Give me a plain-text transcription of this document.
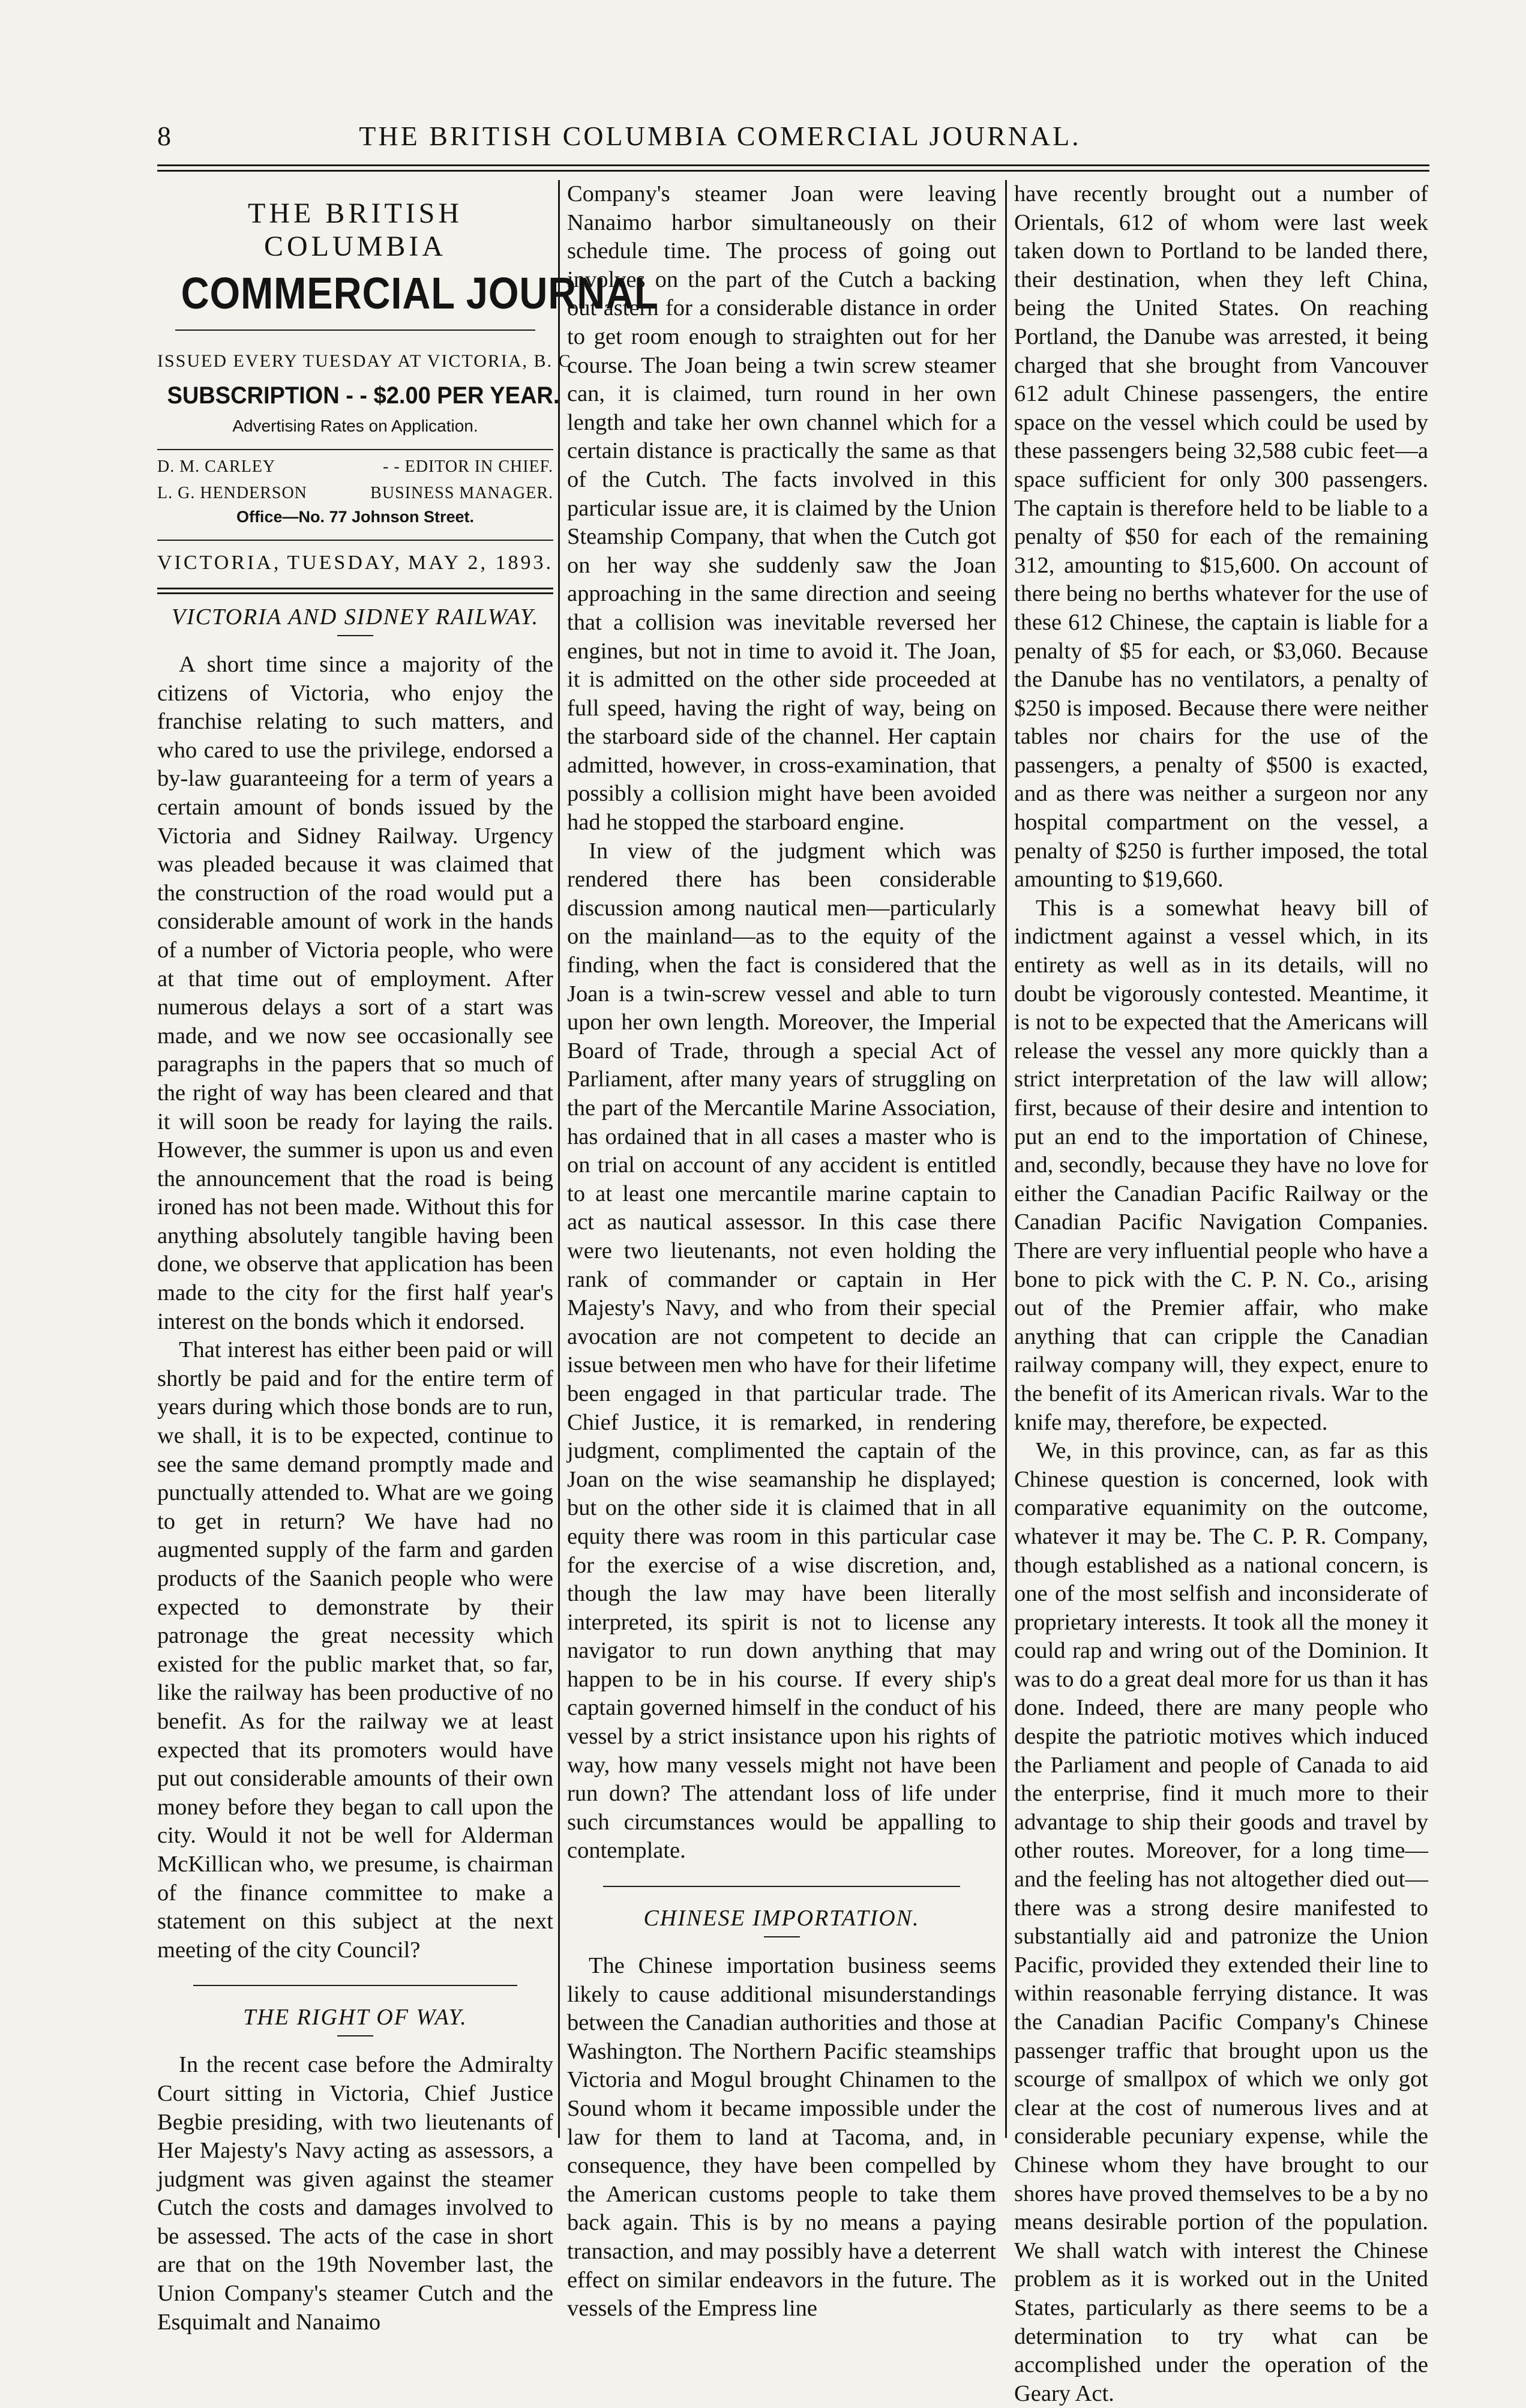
8	THE BRITISH COLUMBIA COMERCIAL JOURNAL.
THE BRITISH COLUMBIA
COMMERCIAL JOURNAL
ISSUED EVERY TUESDAY AT VICTORIA, B. C
SUBSCRIPTION - - $2.00 PER YEAR.
Advertising Rates on Application.
D. M. CARLEY	- - EDITOR IN CHIEF.
L. G. HENDERSON	BUSINESS MANAGER.
Office—No. 77 Johnson Street.
VICTORIA, TUESDAY, MAY 2, 1893.
VICTORIA AND SIDNEY RAILWAY.

A short time since a majority of the citizens of Victoria, who enjoy the franchise relating to such matters, and who cared to use the privilege, endorsed a by-law guaranteeing for a term of years a certain amount of bonds issued by the Victoria and Sidney Railway. Urgency was pleaded because it was claimed that the construction of the road would put a considerable amount of work in the hands of a number of Victoria people, who were at that time out of employment. After numerous delays a sort of a start was made, and we now see occasionally see paragraphs in the papers that so much of the right of way has been cleared and that it will soon be ready for laying the rails. However, the summer is upon us and even the announcement that the road is being ironed has not been made. Without this for anything absolutely tangible having been done, we observe that application has been made to the city for the first half year's interest on the bonds which it endorsed.

That interest has either been paid or will shortly be paid and for the entire term of years during which those bonds are to run, we shall, it is to be expected, continue to see the same demand promptly made and punctually attended to. What are we going to get in return? We have had no augmented supply of the farm and garden products of the Saanich people who were expected to demonstrate by their patronage the great necessity which existed for the public market that, so far, like the railway has been productive of no benefit. As for the railway we at least expected that its promoters would have put out considerable amounts of their own money before they began to call upon the city. Would it not be well for Alderman McKillican who, we presume, is chairman of the finance committee to make a statement on this subject at the next meeting of the city Council?

THE RIGHT OF WAY.

In the recent case before the Admiralty Court sitting in Victoria, Chief Justice Begbie presiding, with two lieutenants of Her Majesty's Navy acting as assessors, a judgment was given against the steamer Cutch the costs and damages involved to be assessed. The acts of the case in short are that on the 19th November last, the Union Company's steamer Cutch and the Esquimalt and Nanaimo

Company's steamer Joan were leaving Nanaimo harbor simultaneously on their schedule time. The process of going out involves on the part of the Cutch a backing out astern for a considerable distance in order to get room enough to straighten out for her course. The Joan being a twin screw steamer can, it is claimed, turn round in her own length and take her own channel which for a certain distance is practically the same as that of the Cutch. The facts involved in this particular issue are, it is claimed by the Union Steamship Company, that when the Cutch got on her way she suddenly saw the Joan approaching in the same direction and seeing that a collision was inevitable reversed her engines, but not in time to avoid it. The Joan, it is admitted on the other side proceeded at full speed, having the right of way, being on the starboard side of the channel. Her captain admitted, however, in cross-examination, that possibly a collision might have been avoided had he stopped the starboard engine.

In view of the judgment which was rendered there has been considerable discussion among nautical men—particularly on the mainland—as to the equity of the finding, when the fact is considered that the Joan is a twin-screw vessel and able to turn upon her own length. Moreover, the Imperial Board of Trade, through a special Act of Parliament, after many years of struggling on the part of the Mercantile Marine Association, has ordained that in all cases a master who is on trial on account of any accident is entitled to at least one mercantile marine captain to act as nautical assessor. In this case there were two lieutenants, not even holding the rank of commander or captain in Her Majesty's Navy, and who from their special avocation are not competent to decide an issue between men who have for their lifetime been engaged in that particular trade. The Chief Justice, it is remarked, in rendering judgment, complimented the captain of the Joan on the wise seamanship he displayed; but on the other side it is claimed that in all equity there was room in this particular case for the exercise of a wise discretion, and, though the law may have been literally interpreted, its spirit is not to license any navigator to run down anything that may happen to be in his course. If every ship's captain governed himself in the conduct of his vessel by a strict insistance upon his rights of way, how many vessels might not have been run down? The attendant loss of life under such circumstances would be appalling to contemplate.

CHINESE IMPORTATION.

The Chinese importation business seems likely to cause additional misunderstandings between the Canadian authorities and those at Washington. The Northern Pacific steamships Victoria and Mogul brought Chinamen to the Sound whom it became impossible under the law for them to land at Tacoma, and, in consequence, they have been compelled by the American customs people to take them back again. This is by no means a paying transaction, and may possibly have a deterrent effect on similar endeavors in the future. The vessels of the Empress line

have recently brought out a number of Orientals, 612 of whom were last week taken down to Portland to be landed there, their destination, when they left China, being the United States. On reaching Portland, the Danube was arrested, it being charged that she brought from Vancouver 612 adult Chinese passengers, the entire space on the vessel which could be used by these passengers being 32,588 cubic feet—a space sufficient for only 300 passengers. The captain is therefore held to be liable to a penalty of $50 for each of the remaining 312, amounting to $15,600. On account of there being no berths whatever for the use of these 612 Chinese, the captain is liable for a penalty of $5 for each, or $3,060. Because the Danube has no ventilators, a penalty of $250 is imposed. Because there were neither tables nor chairs for the use of the passengers, a penalty of $500 is exacted, and as there was neither a surgeon nor any hospital compartment on the vessel, a penalty of $250 is further imposed, the total amounting to $19,660.

This is a somewhat heavy bill of indictment against a vessel which, in its entirety as well as in its details, will no doubt be vigorously contested. Meantime, it is not to be expected that the Americans will release the vessel any more quickly than a strict interpretation of the law will allow; first, because of their desire and intention to put an end to the importation of Chinese, and, secondly, because they have no love for either the Canadian Pacific Railway or the Canadian Pacific Navigation Companies. There are very influential people who have a bone to pick with the C. P. N. Co., arising out of the Premier affair, who make anything that can cripple the Canadian railway company will, they expect, enure to the benefit of its American rivals. War to the knife may, therefore, be expected.

We, in this province, can, as far as this Chinese question is concerned, look with comparative equanimity on the outcome, whatever it may be. The C. P. R. Company, though established as a national concern, is one of the most selfish and inconsiderate of proprietary interests. It took all the money it could rap and wring out of the Dominion. It was to do a great deal more for us than it has done. Indeed, there are many people who despite the patriotic motives which induced the Parliament and people of Canada to aid the enterprise, find it much more to their advantage to ship their goods and travel by other routes. Moreover, for a long time—and the feeling has not altogether died out—there was a strong desire manifested to substantially aid and patronize the Union Pacific, provided they extended their line to within reasonable ferrying distance. It was the Canadian Pacific Company's Chinese passenger traffic that brought upon us the scourge of smallpox of which we only got clear at the cost of numerous lives and at considerable pecuniary expense, while the Chinese whom they have brought to our shores have proved themselves to be a by no means desirable portion of the population. We shall watch with interest the Chinese problem as it is worked out in the United States, particularly as there seems to be a determination to try what can be accomplished under the operation of the Geary Act.
